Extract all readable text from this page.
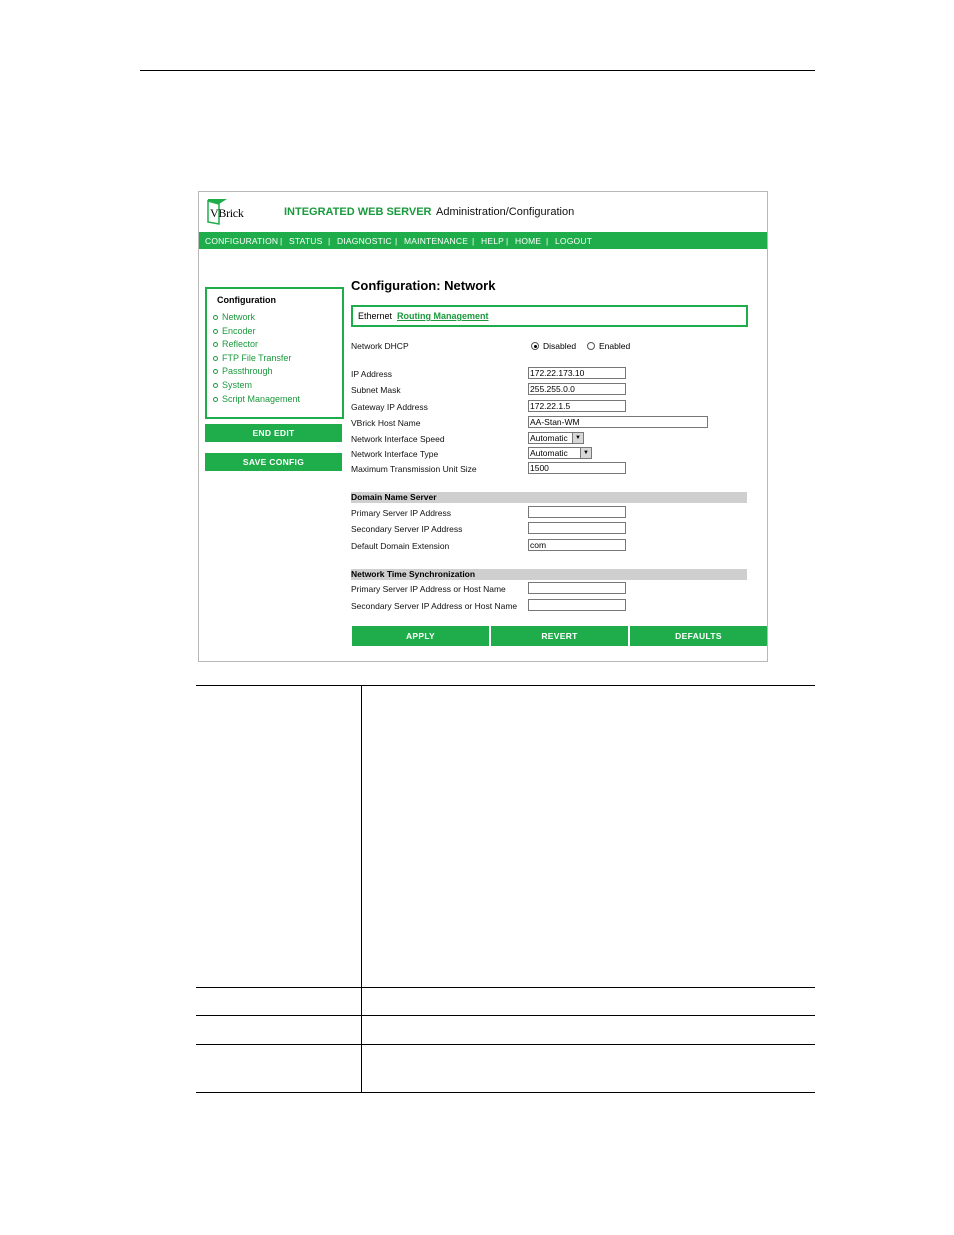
VBrick	INTEGRATED WEB SERVER Administration/Configuration
CONFIGURATION | STATUS | DIAGNOSTIC | MAINTENANCE | HELP | HOME | LOGOUT
Configuration
Network
Encoder
Reflector
FTP File Transfer
Passthrough
System
Script Management
END EDIT
SAVE CONFIG
Configuration: Network
Ethernet Routing Management
Network DHCP	Disabled	Enabled
IP Address	172.22.173.10
Subnet Mask	255.255.0.0
Gateway IP Address	172.22.1.5
VBrick Host Name	AA-Stan-WM
Network Interface Speed	Automatic	▼
Network Interface Type	Automatic	▼
Maximum Transmission Unit Size	1500
Domain Name Server
Primary Server IP Address
Secondary Server IP Address
Default Domain Extension	com
Network Time Synchronization
Primary Server IP Address or Host Name
Secondary Server IP Address or Host Name
APPLY	REVERT	DEFAULTS
